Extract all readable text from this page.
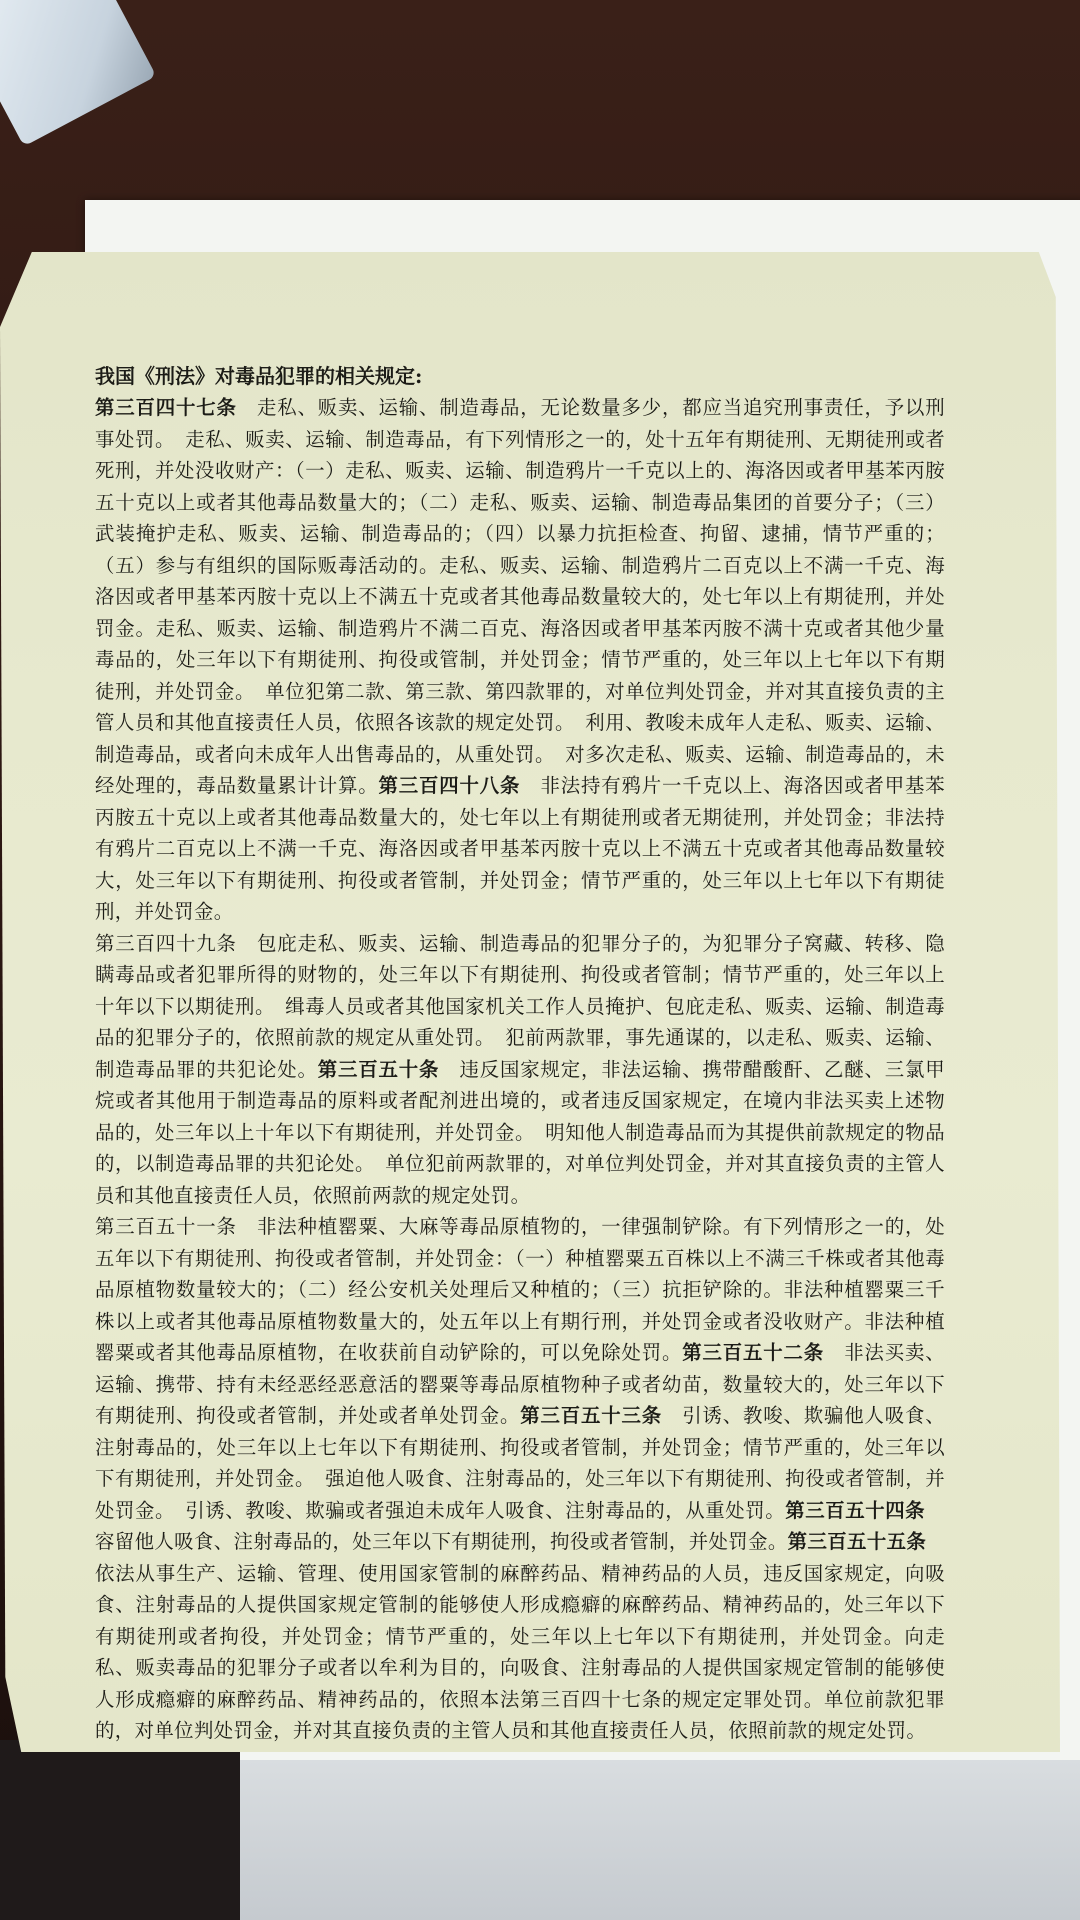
我国《刑法》对毒品犯罪的相关规定:

第三百四十七条　走私、贩卖、运输、制造毒品，无论数量多少，都应当追究刑事责任，予以刑事处罚。　走私、贩卖、运输、制造毒品，有下列情形之一的，处十五年有期徒刑、无期徒刑或者死刑，并处没收财产：（一）走私、贩卖、运输、制造鸦片一千克以上的、海洛因或者甲基苯丙胺五十克以上或者其他毒品数量大的；（二）走私、贩卖、运输、制造毒品集团的首要分子；（三）武装掩护走私、贩卖、运输、制造毒品的；（四）以暴力抗拒检查、拘留、逮捕，情节严重的；（五）参与有组织的国际贩毒活动的。走私、贩卖、运输、制造鸦片二百克以上不满一千克、海洛因或者甲基苯丙胺十克以上不满五十克或者其他毒品数量较大的，处七年以上有期徒刑，并处罚金。走私、贩卖、运输、制造鸦片不满二百克、海洛因或者甲基苯丙胺不满十克或者其他少量毒品的，处三年以下有期徒刑、拘役或管制，并处罚金；情节严重的，处三年以上七年以下有期徒刑，并处罚金。　单位犯第二款、第三款、第四款罪的，对单位判处罚金，并对其直接负责的主管人员和其他直接责任人员，依照各该款的规定处罚。　利用、教唆未成年人走私、贩卖、运输、制造毒品，或者向未成年人出售毒品的，从重处罚。　对多次走私、贩卖、运输、制造毒品的，未经处理的，毒品数量累计计算。第三百四十八条　非法持有鸦片一千克以上、海洛因或者甲基苯丙胺五十克以上或者其他毒品数量大的，处七年以上有期徒刑或者无期徒刑，并处罚金；非法持有鸦片二百克以上不满一千克、海洛因或者甲基苯丙胺十克以上不满五十克或者其他毒品数量较大，处三年以下有期徒刑、拘役或者管制，并处罚金；情节严重的，处三年以上七年以下有期徒刑，并处罚金。

第三百四十九条　包庇走私、贩卖、运输、制造毒品的犯罪分子的，为犯罪分子窝藏、转移、隐瞒毒品或者犯罪所得的财物的，处三年以下有期徒刑、拘役或者管制；情节严重的，处三年以上十年以下以期徒刑。　缉毒人员或者其他国家机关工作人员掩护、包庇走私、贩卖、运输、制造毒品的犯罪分子的，依照前款的规定从重处罚。　犯前两款罪，事先通谋的，以走私、贩卖、运输、制造毒品罪的共犯论处。第三百五十条　违反国家规定，非法运输、携带醋酸酐、乙醚、三氯甲烷或者其他用于制造毒品的原料或者配剂进出境的，或者违反国家规定，在境内非法买卖上述物品的，处三年以上十年以下有期徒刑，并处罚金。　明知他人制造毒品而为其提供前款规定的物品的，以制造毒品罪的共犯论处。　单位犯前两款罪的，对单位判处罚金，并对其直接负责的主管人员和其他直接责任人员，依照前两款的规定处罚。

第三百五十一条　非法种植罂粟、大麻等毒品原植物的，一律强制铲除。有下列情形之一的，处五年以下有期徒刑、拘役或者管制，并处罚金：（一）种植罂粟五百株以上不满三千株或者其他毒品原植物数量较大的；（二）经公安机关处理后又种植的；（三）抗拒铲除的。非法种植罂粟三千株以上或者其他毒品原植物数量大的，处五年以上有期行刑，并处罚金或者没收财产。非法种植罂粟或者其他毒品原植物，在收获前自动铲除的，可以免除处罚。第三百五十二条　非法买卖、运输、携带、持有未经恶经恶意活的罂粟等毒品原植物种子或者幼苗，数量较大的，处三年以下有期徒刑、拘役或者管制，并处或者单处罚金。第三百五十三条　引诱、教唆、欺骗他人吸食、注射毒品的，处三年以上七年以下有期徒刑、拘役或者管制，并处罚金；情节严重的，处三年以下有期徒刑，并处罚金。　强迫他人吸食、注射毒品的，处三年以下有期徒刑、拘役或者管制，并处罚金。　引诱、教唆、欺骗或者强迫未成年人吸食、注射毒品的，从重处罚。第三百五十四条　容留他人吸食、注射毒品的，处三年以下有期徒刑，拘役或者管制，并处罚金。第三百五十五条　依法从事生产、运输、管理、使用国家管制的麻醉药品、精神药品的人员，违反国家规定，向吸食、注射毒品的人提供国家规定管制的能够使人形成瘾癖的麻醉药品、精神药品的，处三年以下有期徒刑或者拘役，并处罚金；情节严重的，处三年以上七年以下有期徒刑，并处罚金。向走私、贩卖毒品的犯罪分子或者以牟利为目的，向吸食、注射毒品的人提供国家规定管制的能够使人形成瘾癖的麻醉药品、精神药品的，依照本法第三百四十七条的规定定罪处罚。单位前款犯罪的，对单位判处罚金，并对其直接负责的主管人员和其他直接责任人员，依照前款的规定处罚。
